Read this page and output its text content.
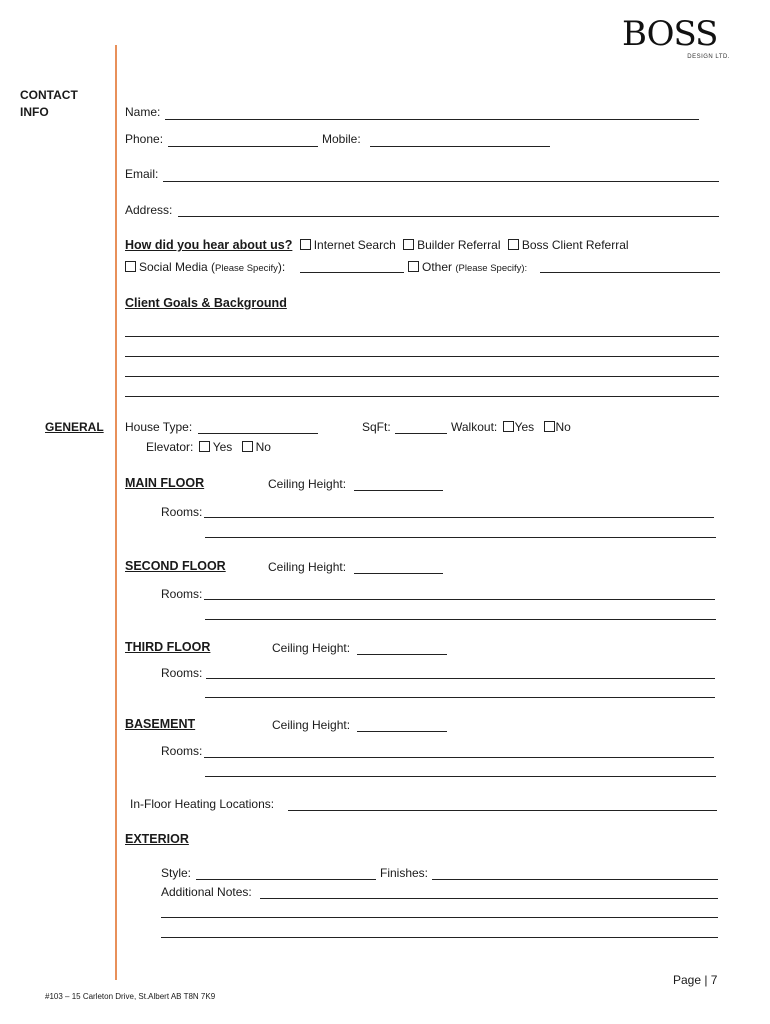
BOSS
DESIGN LTD.
CONTACT
INFO
GENERAL
Name:
Phone:	Mobile:
Email:
Address:
How did you hear about us? Internet Search Builder Referral Boss Client Referral
Social Media (Please Specify):	Other (Please Specify):
Client Goals & Background
House Type:	SqFt:	Walkout: Yes No
Elevator: Yes No
MAIN FLOOR	Ceiling Height:
Rooms:
SECOND FLOOR	Ceiling Height:
Rooms:
THIRD FLOOR	Ceiling Height:
Rooms:
BASEMENT	Ceiling Height:
Rooms:
In-Floor Heating Locations:
EXTERIOR
Style:	Finishes:
Additional Notes:
Page | 7
#103 – 15 Carleton Drive, St.Albert AB T8N 7K9
